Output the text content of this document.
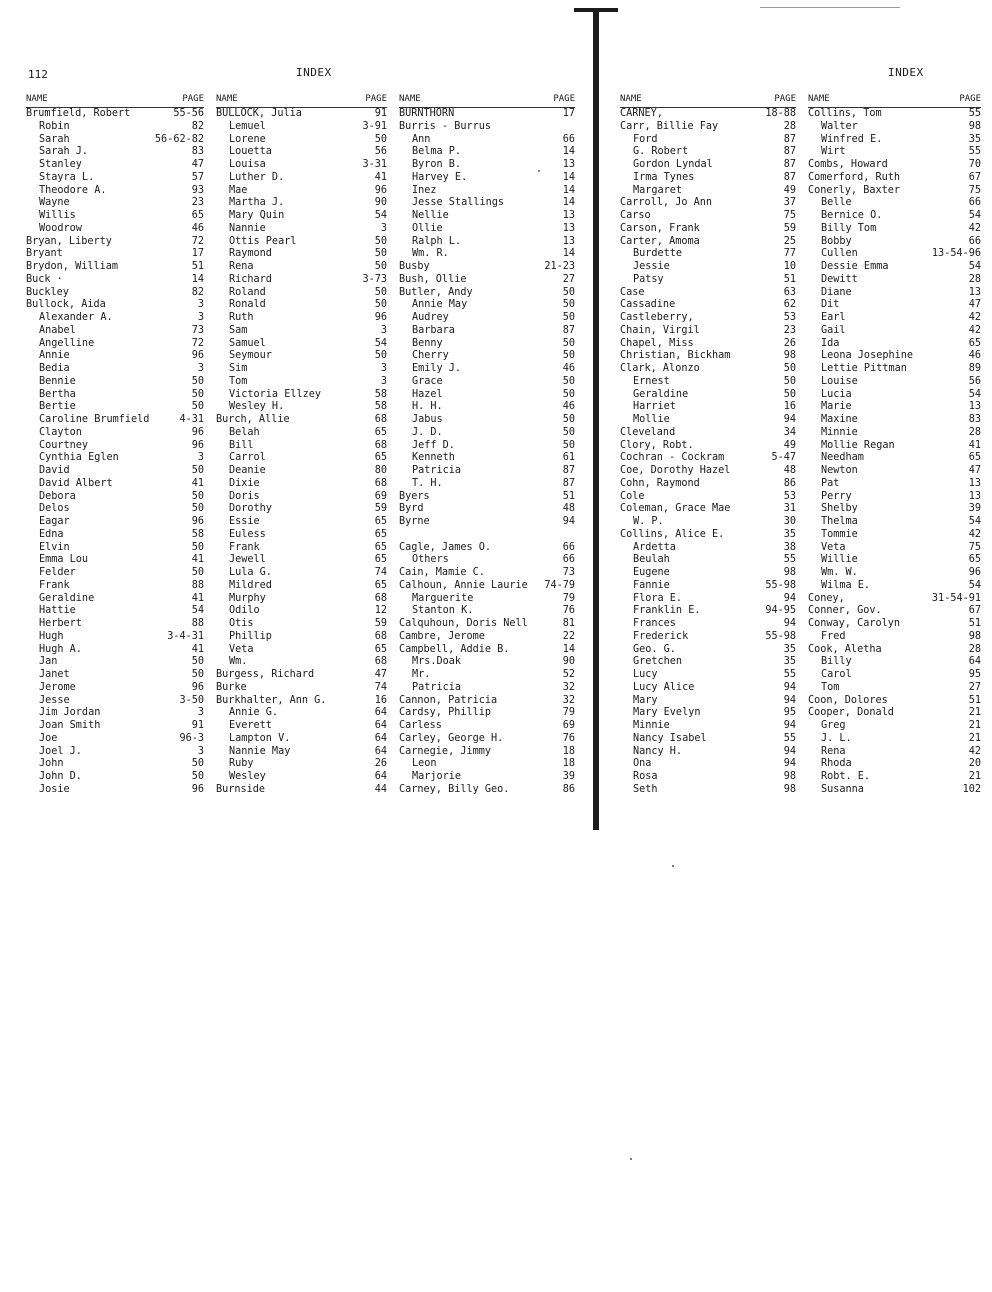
112	INDEX	INDEX
NAME	PAGE
Brumfield, Robert	55-56
Robin	82
Sarah	56-62-82
Sarah J.	83
Stanley	47
Stayra L.	57
Theodore A.	93
Wayne	23
Willis	65
Woodrow	46
Bryan, Liberty	72
Bryant	17
Brydon, William	51
Buck ·	14
Buckley	82
Bullock, Aida	3
Alexander A.	3
Anabel	73
Angelline	72
Annie	96
Bedia	3
Bennie	50
Bertha	50
Bertie	50
Caroline Brumfield	4-31
Clayton	96
Courtney	96
Cynthia Eglen	3
David	50
David Albert	41
Debora	50
Delos	50
Eagar	96
Edna	58
Elvin	50
Emma Lou	41
Felder	50
Frank	88
Geraldine	41
Hattie	54
Herbert	88
Hugh	3-4-31
Hugh A.	41
Jan	50
Janet	50
Jerome	96
Jesse	3-50
Jim Jordan	3
Joan Smith	91
Joe	96-3
Joel J.	3
John	50
John D.	50
Josie	96
NAME	PAGE
BULLOCK, Julia	91
Lemuel	3-91
Lorene	50
Louetta	56
Louisa	3-31
Luther D.	41
Mae	96
Martha J.	90
Mary Quin	54
Nannie	3
Ottis Pearl	50
Raymond	50
Rena	50
Richard	3-73
Roland	50
Ronald	50
Ruth	96
Sam	3
Samuel	54
Seymour	50
Sim	3
Tom	3
Victoria Ellzey	58
Wesley H.	58
Burch, Allie	68
Belah	65
Bill	68
Carrol	65
Deanie	80
Dixie	68
Doris	69
Dorothy	59
Essie	65
Euless	65
Frank	65
Jewell	65
Lula G.	74
Mildred	65
Murphy	68
Odilo	12
Otis	59
Phillip	68
Veta	65
Wm.	68
Burgess, Richard	47
Burke	74
Burkhalter, Ann G.	16
Annie G.	64
Everett	64
Lampton V.	64
Nannie May	64
Ruby	26
Wesley	64
Burnside	44
NAME	PAGE
BURNTHORN	17
Burris - Burrus
Ann	66
Belma P.	14
Byron B.	13
Harvey E.	14
Inez	14
Jesse Stallings	14
Nellie	13
Ollie	13
Ralph L.	13
Wm. R.	14
Busby	21-23
Bush, Ollie	27
Butler, Andy	50
Annie May	50
Audrey	50
Barbara	87
Benny	50
Cherry	50
Emily J.	46
Grace	50
Hazel	50
H. H.	46
Jabus	50
J. D.	50
Jeff D.	50
Kenneth	61
Patricia	87
T. H.	87
Byers	51
Byrd	48
Byrne	94
Cagle, James O.	66
Others	66
Cain, Mamie C.	73
Calhoun, Annie Laurie 74-79
Marguerite	79
Stanton K.	76
Calquhoun, Doris Nell	81
Cambre, Jerome	22
Campbell, Addie B.	14
Mrs.Doak	90
Mr.	52
Patricia	32
Cannon, Patricia	32
Cardsy, Phillip	79
Carless	69
Carley, George H.	76
Carnegie, Jimmy	18
Leon	18
Marjorie	39
Carney, Billy Geo.	86
NAME	PAGE
CARNEY,	18-88
Carr, Billie Fay	28
Ford	87
G. Robert	87
Gordon Lyndal	87
Irma Tynes	87
Margaret	49
Carroll, Jo Ann	37
Carso	75
Carson, Frank	59
Carter, Amoma	25
Burdette	77
Jessie	10
Patsy	51
Case	63
Cassadine	62
Castleberry,	53
Chain, Virgil	23
Chapel, Miss	26
Christian, Bickham	98
Clark, Alonzo	50
Ernest	50
Geraldine	50
Harriet	16
Mollie	94
Cleveland	34
Clory, Robt.	49
Cochran - Cockram	5-47
Coe, Dorothy Hazel	48
Cohn, Raymond	86
Cole	53
Coleman, Grace Mae	31
W. P.	30
Collins, Alice E.	35
Ardetta	38
Beulah	55
Eugene	98
Fannie	55-98
Flora E.	94
Franklin E.	94-95
Frances	94
Frederick	55-98
Geo. G.	35
Gretchen	35
Lucy	55
Lucy Alice	94
Mary	94
Mary Evelyn	95
Minnie	94
Nancy Isabel	55
Nancy H.	94
Ona	94
Rosa	98
Seth	98
NAME	PAGE
Collins, Tom	55
Walter	98
Winfred E.	35
Wirt	55
Combs, Howard	70
Comerford, Ruth	67
Conerly, Baxter	75
Belle	66
Bernice O.	54
Billy Tom	42
Bobby	66
Cullen	13-54-96
Dessie Emma	54
Dewitt	28
Diane	13
Dit	47
Earl	42
Gail	42
Ida	65
Leona Josephine	46
Lettie Pittman	89
Louise	56
Lucia	54
Marie	13
Maxine	83
Minnie	28
Mollie Regan	41
Needham	65
Newton	47
Pat	13
Perry	13
Shelby	39
Thelma	54
Tommie	42
Veta	75
Willie	65
Wm. W.	96
Wilma E.	54
Coney,	31-54-91
Conner, Gov.	67
Conway, Carolyn	51
Fred	98
Cook, Aletha	28
Billy	64
Carol	95
Tom	27
Coon, Dolores	51
Cooper, Donald	21
Greg	21
J. L.	21
Rena	42
Rhoda	20
Robt. E.	21
Susanna	102
